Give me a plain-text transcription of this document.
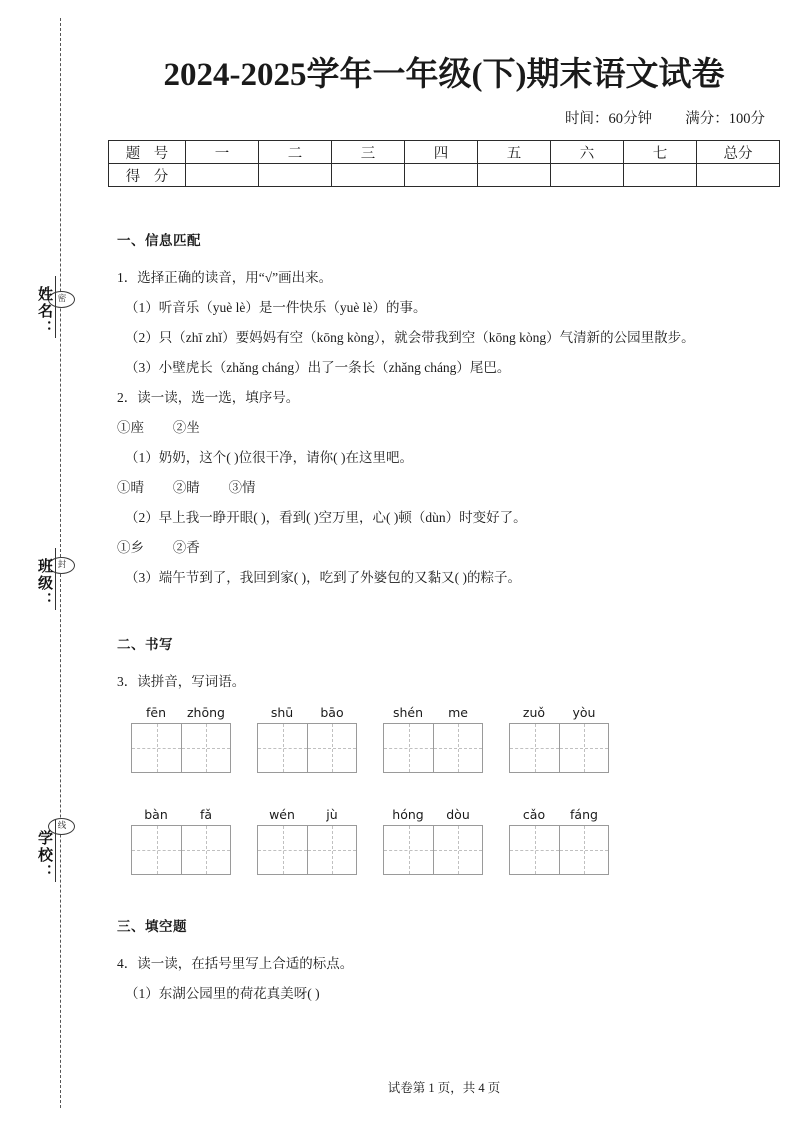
密
封
线
姓名：
班级：
学校：
2024-2025学年一年级(下)期末语文试卷
时间：60分钟 满分：100分
题 号	一	二	三	四	五	六	七	总分
得 分								
一、信息匹配

1．选择正确的读音，用“√”画出来。

（1）听音乐（yuè lè）是一件快乐（yuè lè）的事。

（2）只（zhī zhǐ）要妈妈有空（kōng kòng），就会带我到空（kōng kòng）气清新的公园里散步。

（3）小壁虎长（zhǎng cháng）出了一条长（zhǎng cháng）尾巴。

2．读一读，选一选，填序号。

①座 ②坐

（1）奶奶，这个( )位很干净，请你( )在这里吧。

①晴 ②睛 ③情

（2）早上我一睁开眼( )，看到( )空万里，心( )顿（dùn）时变好了。

①乡 ②香

（3）端午节到了，我回到家( )，吃到了外婆包的又黏又( )的粽子。

二、书写

3．读拼音，写词语。

fēn	zhōng	shū	bāo	shén	me	zuǒ	yòu
bàn	fǎ	wén	jù	hóng	dòu	cǎo	fáng
三、填空题

4．读一读，在括号里写上合适的标点。

（1）东湖公园里的荷花真美呀( )

试卷第 1 页，共 4 页
